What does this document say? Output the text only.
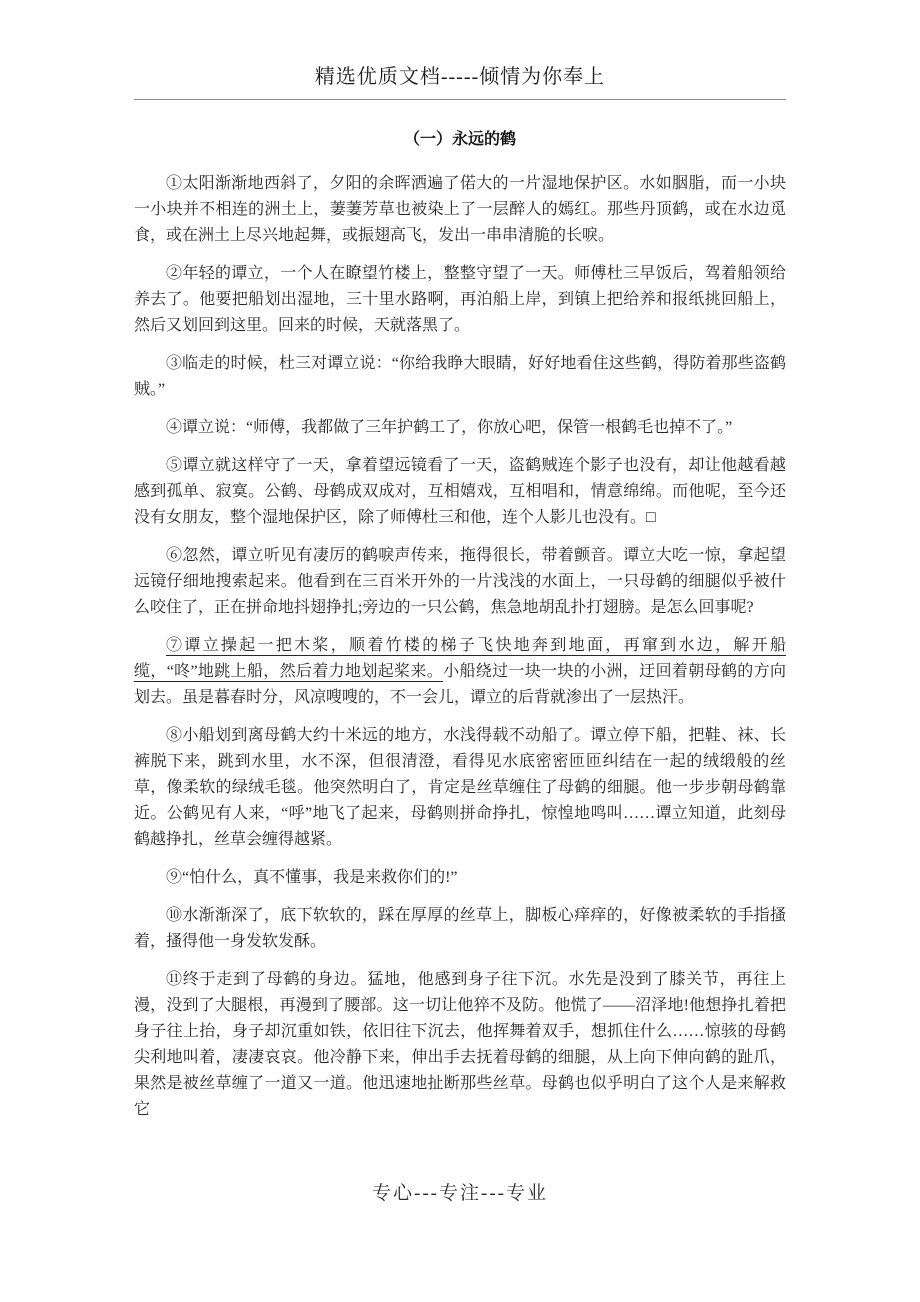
精选优质文档-----倾情为你奉上
（一）永远的鹤

①太阳渐渐地西斜了，夕阳的余晖洒遍了偌大的一片湿地保护区。水如胭脂，而一小块一小块并不相连的洲土上，萋萋芳草也被染上了一层醉人的嫣红。那些丹顶鹤，或在水边觅食，或在洲土上尽兴地起舞，或振翅高飞，发出一串串清脆的长唳。

②年轻的谭立，一个人在瞭望竹楼上，整整守望了一天。师傅杜三早饭后，驾着船领给养去了。他要把船划出湿地，三十里水路啊，再泊船上岸，到镇上把给养和报纸挑回船上，然后又划回到这里。回来的时候，天就落黑了。

③临走的时候，杜三对谭立说：“你给我睁大眼睛，好好地看住这些鹤，得防着那些盗鹤贼。”

④谭立说：“师傅，我都做了三年护鹤工了，你放心吧，保管一根鹤毛也掉不了。”

⑤谭立就这样守了一天，拿着望远镜看了一天，盗鹤贼连个影子也没有，却让他越看越感到孤单、寂寞。公鹤、母鹤成双成对，互相嬉戏，互相唱和，情意绵绵。而他呢，至今还没有女朋友，整个湿地保护区，除了师傅杜三和他，连个人影儿也没有。□

⑥忽然，谭立听见有凄厉的鹤唳声传来，拖得很长，带着颤音。谭立大吃一惊，拿起望远镜仔细地搜索起来。他看到在三百米开外的一片浅浅的水面上，一只母鹤的细腿似乎被什么咬住了，正在拼命地抖翅挣扎;旁边的一只公鹤，焦急地胡乱扑打翅膀。是怎么回事呢?

⑦谭立操起一把木桨，顺着竹楼的梯子飞快地奔到地面，再窜到水边，解开船缆，“咚”地跳上船，然后着力地划起桨来。小船绕过一块一块的小洲，迂回着朝母鹤的方向划去。虽是暮春时分，风凉嗖嗖的，不一会儿，谭立的后背就渗出了一层热汗。

⑧小船划到离母鹤大约十米远的地方，水浅得载不动船了。谭立停下船，把鞋、袜、长裤脱下来，跳到水里，水不深，但很清澄，看得见水底密密匝匝纠结在一起的绒缎般的丝草，像柔软的绿绒毛毯。他突然明白了，肯定是丝草缠住了母鹤的细腿。他一步步朝母鹤靠近。公鹤见有人来，“呼”地飞了起来，母鹤则拼命挣扎，惊惶地鸣叫……谭立知道，此刻母鹤越挣扎，丝草会缠得越紧。

⑨“怕什么，真不懂事，我是来救你们的!”

⑩水渐渐深了，底下软软的，踩在厚厚的丝草上，脚板心痒痒的，好像被柔软的手指搔着，搔得他一身发软发酥。

⑪终于走到了母鹤的身边。猛地，他感到身子往下沉。水先是没到了膝关节，再往上漫，没到了大腿根，再漫到了腰部。这一切让他猝不及防。他慌了——沼泽地!他想挣扎着把身子往上抬，身子却沉重如铁，依旧往下沉去，他挥舞着双手，想抓住什么……惊骇的母鹤尖利地叫着，凄凄哀哀。他冷静下来，伸出手去抚着母鹤的细腿，从上向下伸向鹤的趾爪，果然是被丝草缠了一道又一道。他迅速地扯断那些丝草。母鹤也似乎明白了这个人是来解救它

专心---专注---专业
